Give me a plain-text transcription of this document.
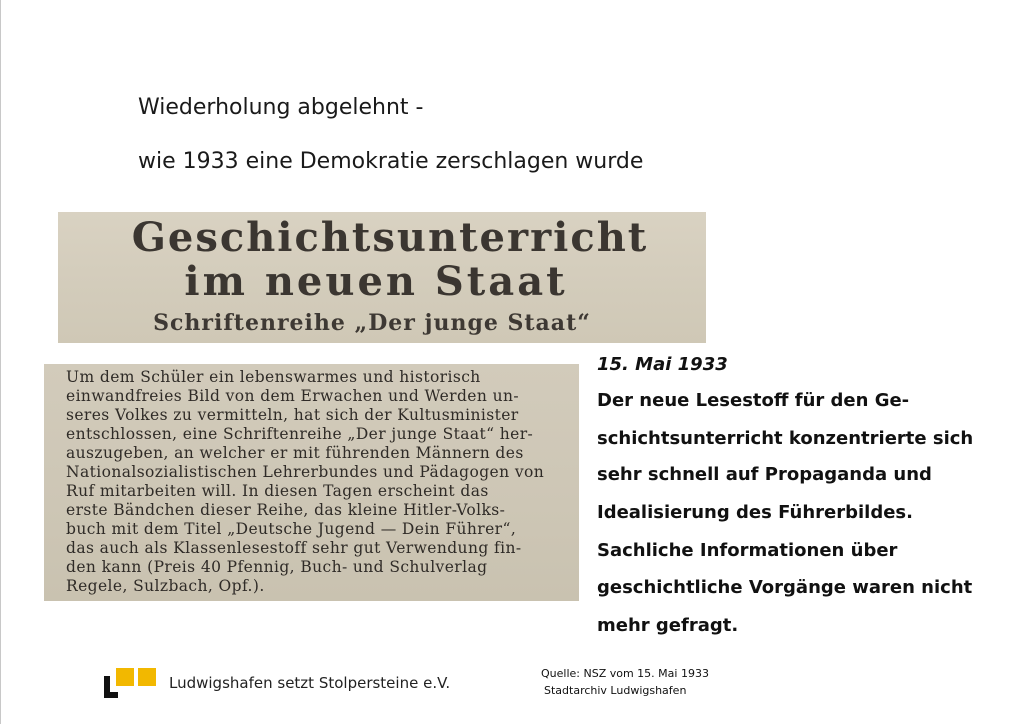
Wiederholung abgelehnt -
wie 1933 eine Demokratie zerschlagen wurde
Geschichtsunterricht
im neuen Staat
Schriftenreihe „Der junge Staat“
Um dem Schüler ein lebenswarmes und historisch
einwandfreies Bild von dem Erwachen und Werden un-
seres Volkes zu vermitteln, hat sich der Kultusminister
entschlossen, eine Schriftenreihe „Der junge Staat“ her-
auszugeben, an welcher er mit führenden Männern des
Nationalsozialistischen Lehrerbundes und Pädagogen von
Ruf mitarbeiten will. In diesen Tagen erscheint das
erste Bändchen dieser Reihe, das kleine Hitler-Volks-
buch mit dem Titel „Deutsche Jugend — Dein Führer“,
das auch als Klassenlesestoff sehr gut Verwendung fin-
den kann (Preis 40 Pfennig, Buch- und Schulverlag
Regele, Sulzbach, Opf.).

15. Mai 1933

Der neue Lesestoff für den Ge-
schichtsunterricht konzentrierte sich
sehr schnell auf Propaganda und
Idealisierung des Führerbildes.
Sachliche Informationen über
geschichtliche Vorgänge waren nicht
mehr gefragt.
Ludwigshafen setzt Stolpersteine e.V.
Quelle: NSZ vom 15. Mai 1933
Stadtarchiv Ludwigshafen
